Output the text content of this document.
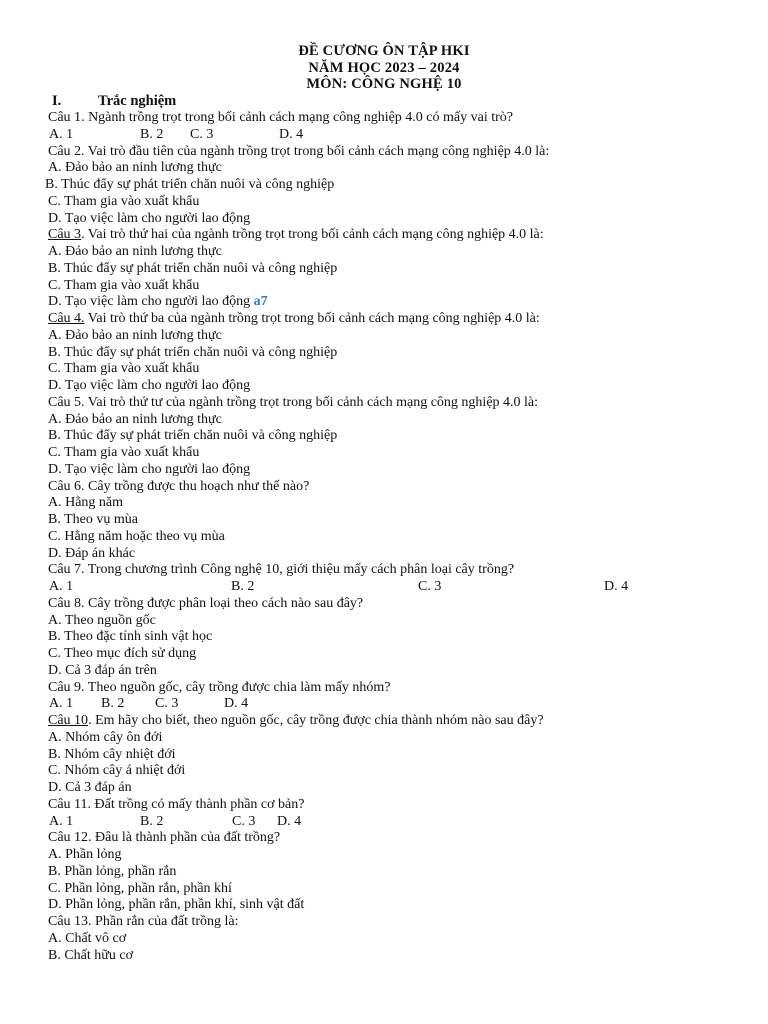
ĐỀ CƯƠNG ÔN TẬP HKI
NĂM HỌC 2023 – 2024
MÔN: CÔNG NGHỆ 10
I.	Trắc nghiệm
Câu 1. Ngành trồng trọt trong bối cảnh cách mạng công nghiệp 4.0 có mấy vai trò?
A. 1	B. 2 C. 3	D. 4
Câu 2. Vai trò đầu tiên của ngành trồng trọt trong bối cảnh cách mạng công nghiệp 4.0 là:
A. Đảo bảo an ninh lương thực
B. Thúc đẩy sự phát triển chăn nuôi và công nghiệp
C. Tham gia vào xuất khẩu
D. Tạo việc làm cho người lao động
Câu 3. Vai trò thứ hai của ngành trồng trọt trong bối cảnh cách mạng công nghiệp 4.0 là:
A. Đảo bảo an ninh lương thực
B. Thúc đẩy sự phát triển chăn nuôi và công nghiệp
C. Tham gia vào xuất khẩu
D. Tạo việc làm cho người lao động a7
Câu 4. Vai trò thứ ba của ngành trồng trọt trong bối cảnh cách mạng công nghiệp 4.0 là:
A. Đảo bảo an ninh lương thực
B. Thúc đẩy sự phát triển chăn nuôi và công nghiệp
C. Tham gia vào xuất khẩu
D. Tạo việc làm cho người lao động
Câu 5. Vai trò thứ tư của ngành trồng trọt trong bối cảnh cách mạng công nghiệp 4.0 là:
A. Đảo bảo an ninh lương thực
B. Thúc đẩy sự phát triển chăn nuôi và công nghiệp
C. Tham gia vào xuất khẩu
D. Tạo việc làm cho người lao động
Câu 6. Cây trồng được thu hoạch như thế nào?
A. Hằng năm
B. Theo vụ mùa
C. Hằng năm hoặc theo vụ mùa
D. Đáp án khác
Câu 7. Trong chương trình Công nghệ 10, giới thiệu mấy cách phân loại cây trồng?
A. 1	B. 2	C. 3	D. 4
Câu 8. Cây trồng được phân loại theo cách nào sau đây?
A. Theo nguồn gốc
B. Theo đặc tính sinh vật học
C. Theo mục đích sử dụng
D. Cả 3 đáp án trên
Câu 9. Theo nguồn gốc, cây trồng được chia làm mấy nhóm?
A. 1 B. 2 C. 3	D. 4
Câu 10. Em hãy cho biết, theo nguồn gốc, cây trồng được chia thành nhóm nào sau đây?
A. Nhóm cây ôn đới
B. Nhóm cây nhiệt đới
C. Nhóm cây á nhiệt đới
D. Cả 3 đáp án
Câu 11. Đất trồng có mấy thành phần cơ bản?
A. 1	B. 2	C. 3 D. 4
Câu 12. Đâu là thành phần của đất trồng?
A. Phần lỏng
B. Phần lỏng, phần rắn
C. Phần lỏng, phần rắn, phần khí
D. Phần lỏng, phần rắn, phần khí, sinh vật đất
Câu 13. Phần rắn của đất trồng là:
A. Chất vô cơ
B. Chất hữu cơ
